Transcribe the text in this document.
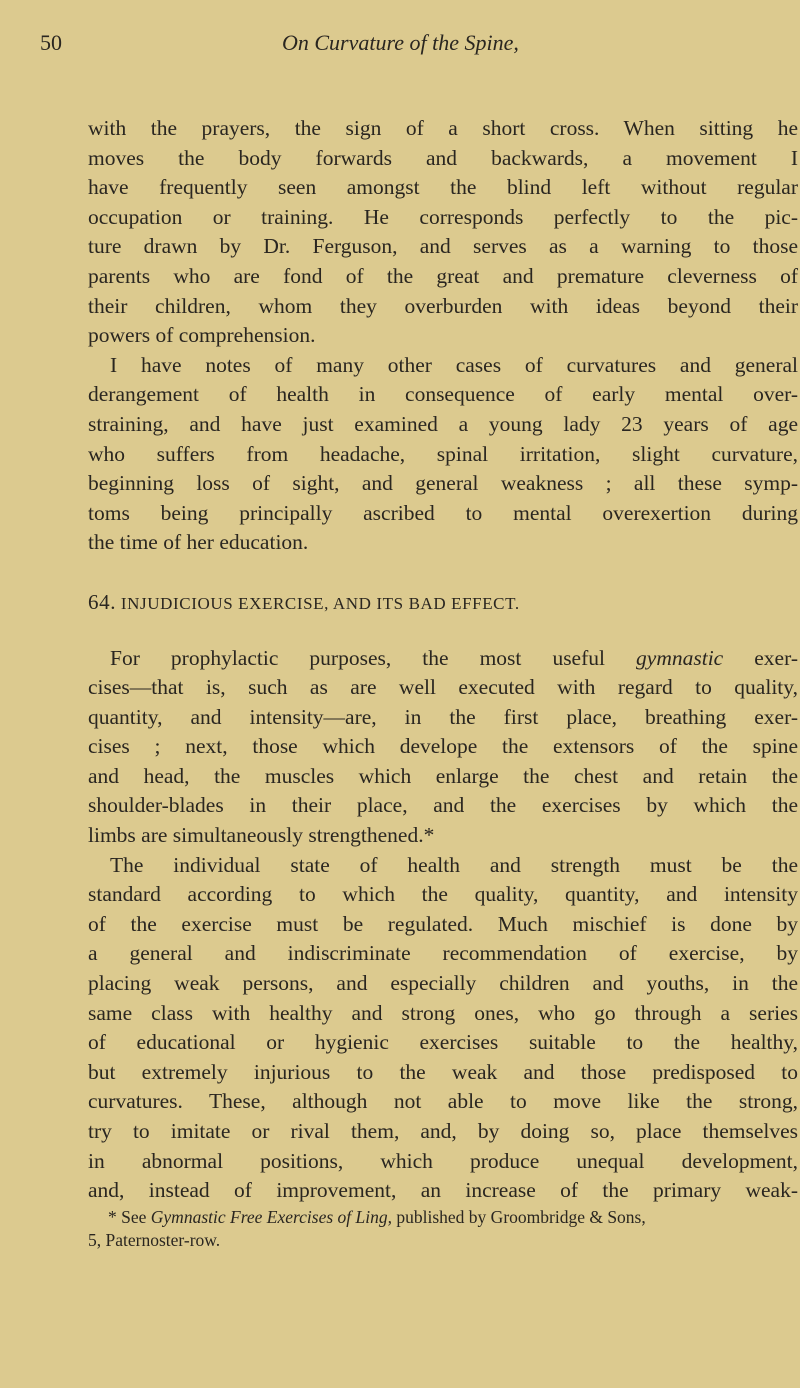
50	On Curvature of the Spine,
with the prayers, the sign of a short cross. When sitting he
moves the body forwards and backwards, a movement I
have frequently seen amongst the blind left without regular
occupation or training. He corresponds perfectly to the pic-
ture drawn by Dr. Ferguson, and serves as a warning to those
parents who are fond of the great and premature cleverness of
their children, whom they overburden with ideas beyond their
powers of comprehension.
I have notes of many other cases of curvatures and general
derangement of health in consequence of early mental over-
straining, and have just examined a young lady 23 years of age
who suffers from headache, spinal irritation, slight curvature,
beginning loss of sight, and general weakness ; all these symp-
toms being principally ascribed to mental overexertion during
the time of her education.
64. INJUDICIOUS EXERCISE, AND ITS BAD EFFECT.
For prophylactic purposes, the most useful gymnastic exer-
cises—that is, such as are well executed with regard to quality,
quantity, and intensity—are, in the first place, breathing exer-
cises ; next, those which develope the extensors of the spine
and head, the muscles which enlarge the chest and retain the
shoulder-blades in their place, and the exercises by which the
limbs are simultaneously strengthened.*
The individual state of health and strength must be the
standard according to which the quality, quantity, and intensity
of the exercise must be regulated. Much mischief is done by
a general and indiscriminate recommendation of exercise, by
placing weak persons, and especially children and youths, in the
same class with healthy and strong ones, who go through a series
of educational or hygienic exercises suitable to the healthy,
but extremely injurious to the weak and those predisposed to
curvatures. These, although not able to move like the strong,
try to imitate or rival them, and, by doing so, place themselves
in abnormal positions, which produce unequal development,
and, instead of improvement, an increase of the primary weak-
* See Gymnastic Free Exercises of Ling, published by Groombridge & Sons,
5, Paternoster-row.
